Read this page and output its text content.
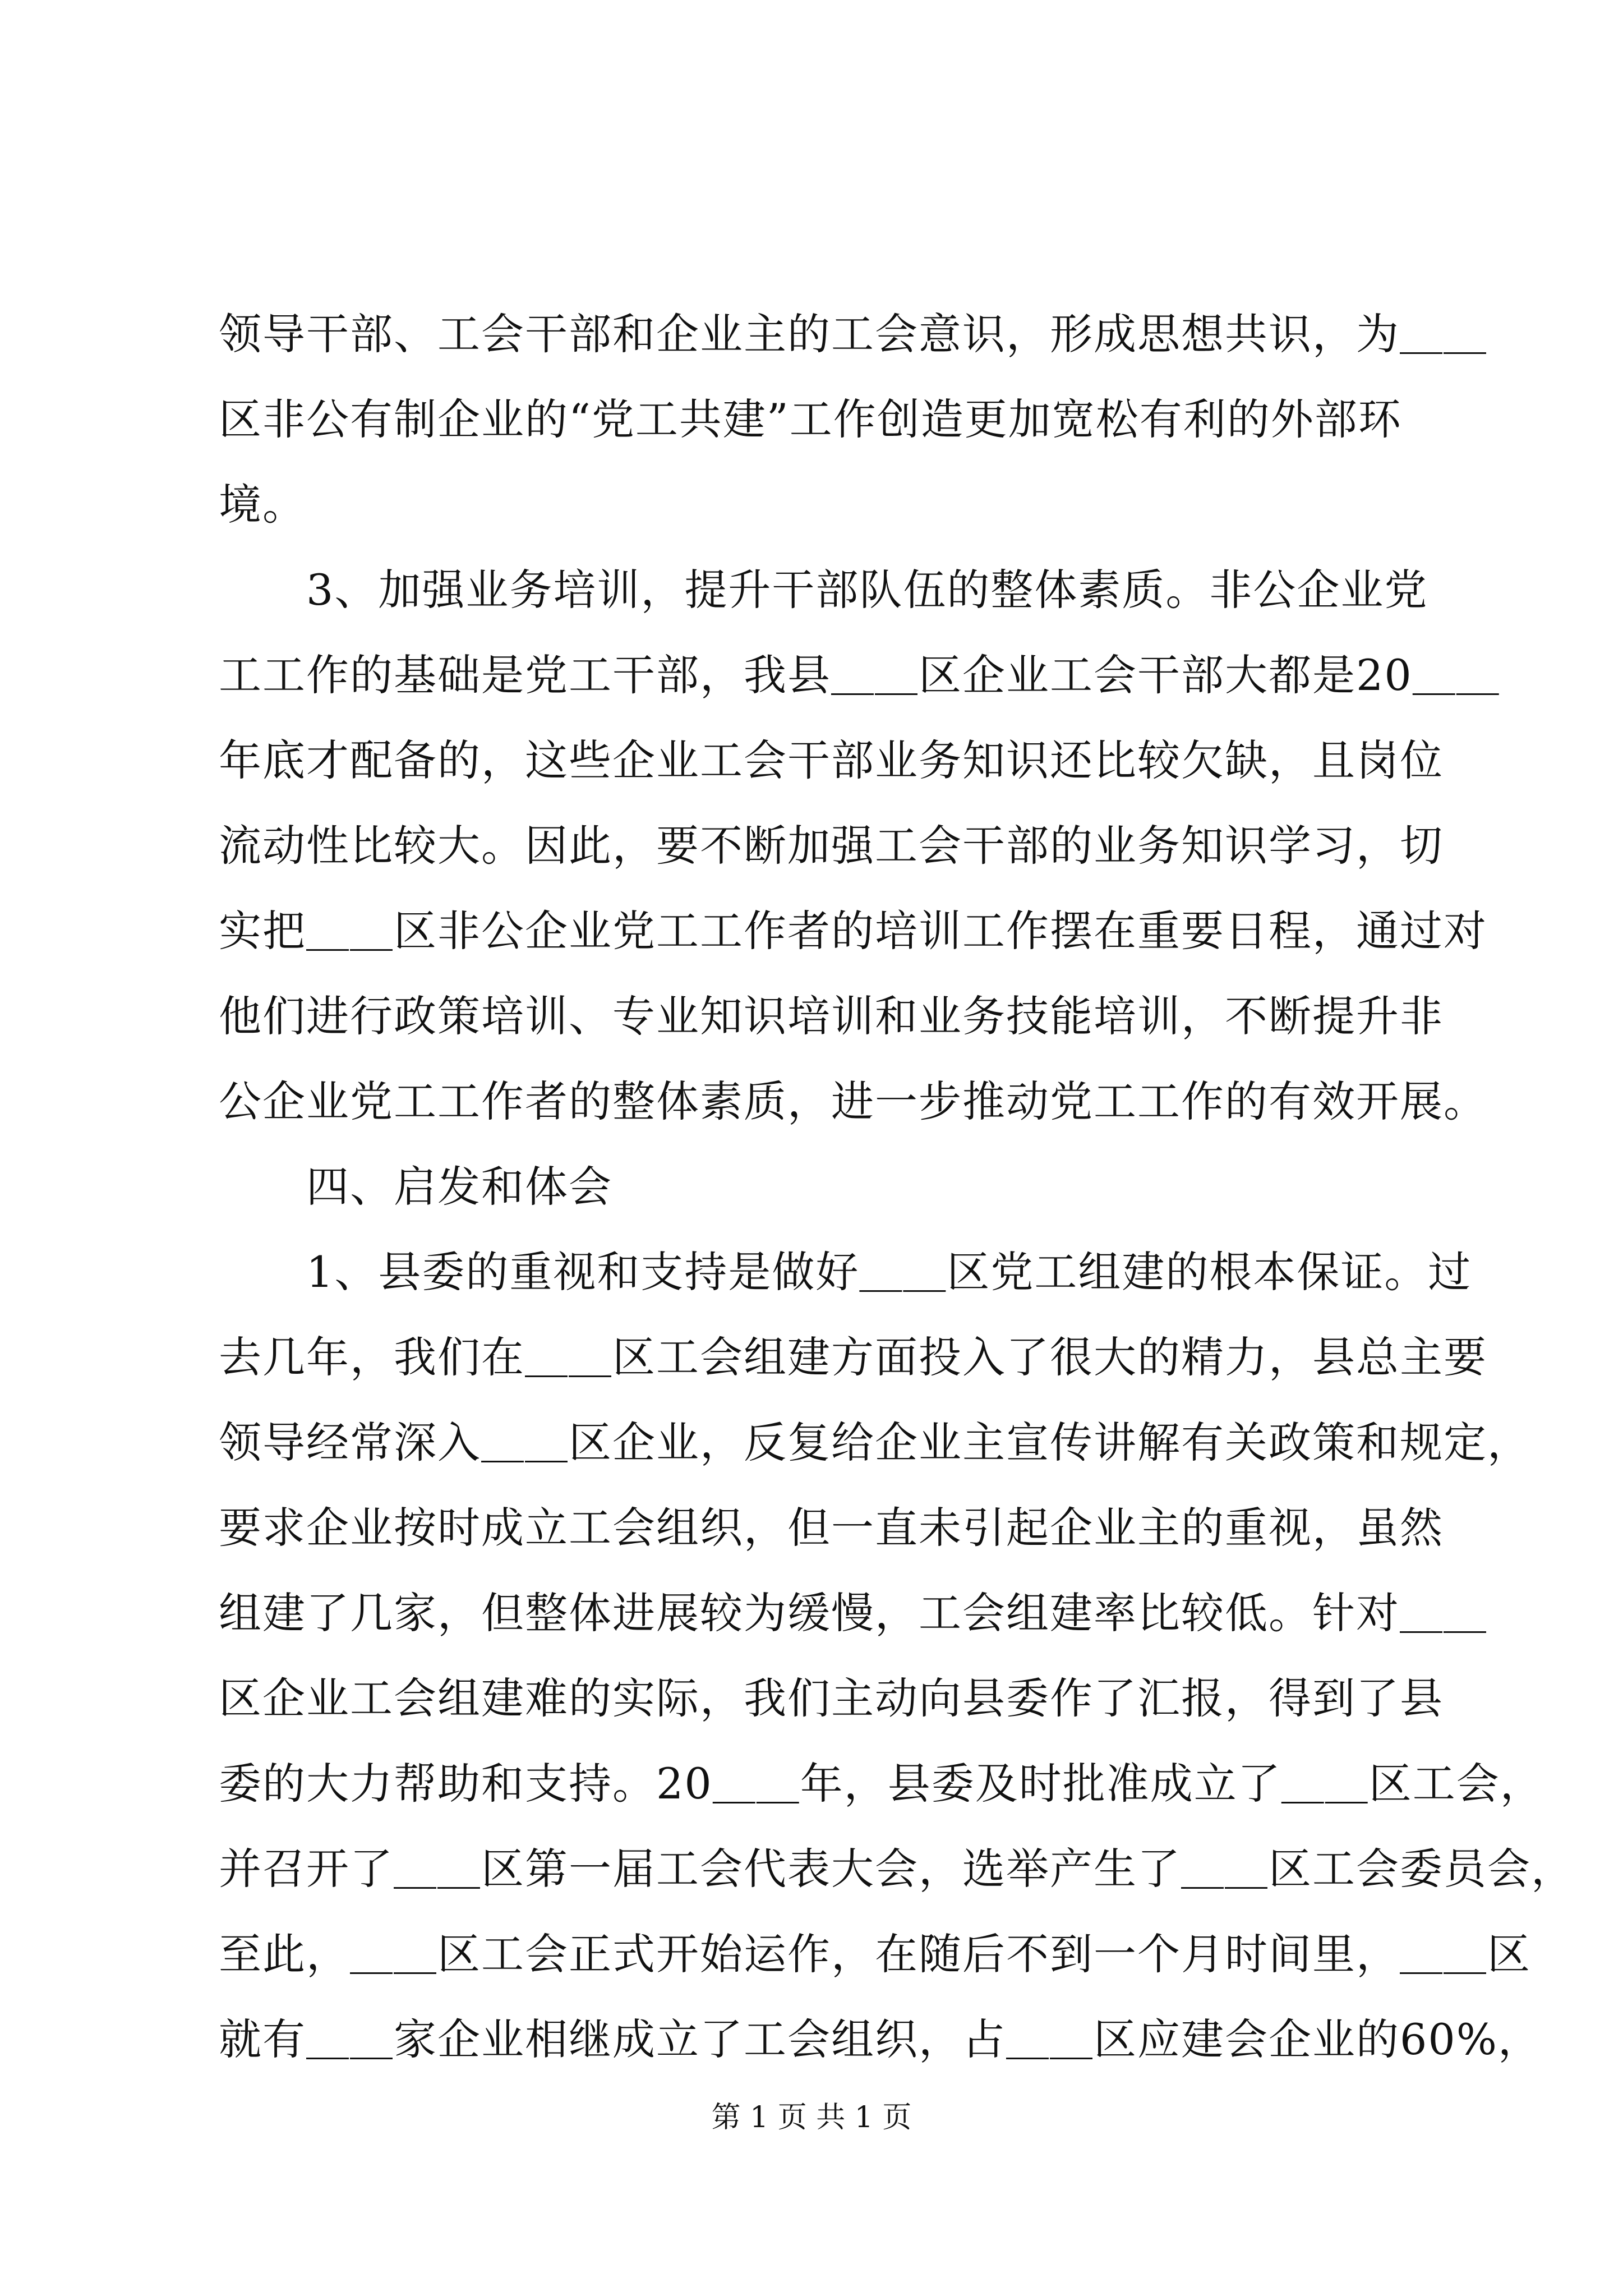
领导干部、工会干部和企业主的工会意识，形成思想共识，为＿＿
区非公有制企业的“党工共建”工作创造更加宽松有利的外部环
境。
　　3、加强业务培训，提升干部队伍的整体素质。非公企业党
工工作的基础是党工干部，我县＿＿区企业工会干部大都是20＿＿
年底才配备的，这些企业工会干部业务知识还比较欠缺，且岗位
流动性比较大。因此，要不断加强工会干部的业务知识学习，切
实把＿＿区非公企业党工工作者的培训工作摆在重要日程，通过对
他们进行政策培训、专业知识培训和业务技能培训，不断提升非
公企业党工工作者的整体素质，进一步推动党工工作的有效开展。
　　四、启发和体会
　　1、县委的重视和支持是做好＿＿区党工组建的根本保证。过
去几年，我们在＿＿区工会组建方面投入了很大的精力，县总主要
领导经常深入＿＿区企业，反复给企业主宣传讲解有关政策和规定，
要求企业按时成立工会组织，但一直未引起企业主的重视，虽然
组建了几家，但整体进展较为缓慢，工会组建率比较低。针对＿＿
区企业工会组建难的实际，我们主动向县委作了汇报，得到了县
委的大力帮助和支持。20＿＿年，县委及时批准成立了＿＿区工会，
并召开了＿＿区第一届工会代表大会，选举产生了＿＿区工会委员会，
至此，＿＿区工会正式开始运作，在随后不到一个月时间里，＿＿区
就有＿＿家企业相继成立了工会组织，占＿＿区应建会企业的60%，
第 1 页 共 1 页
